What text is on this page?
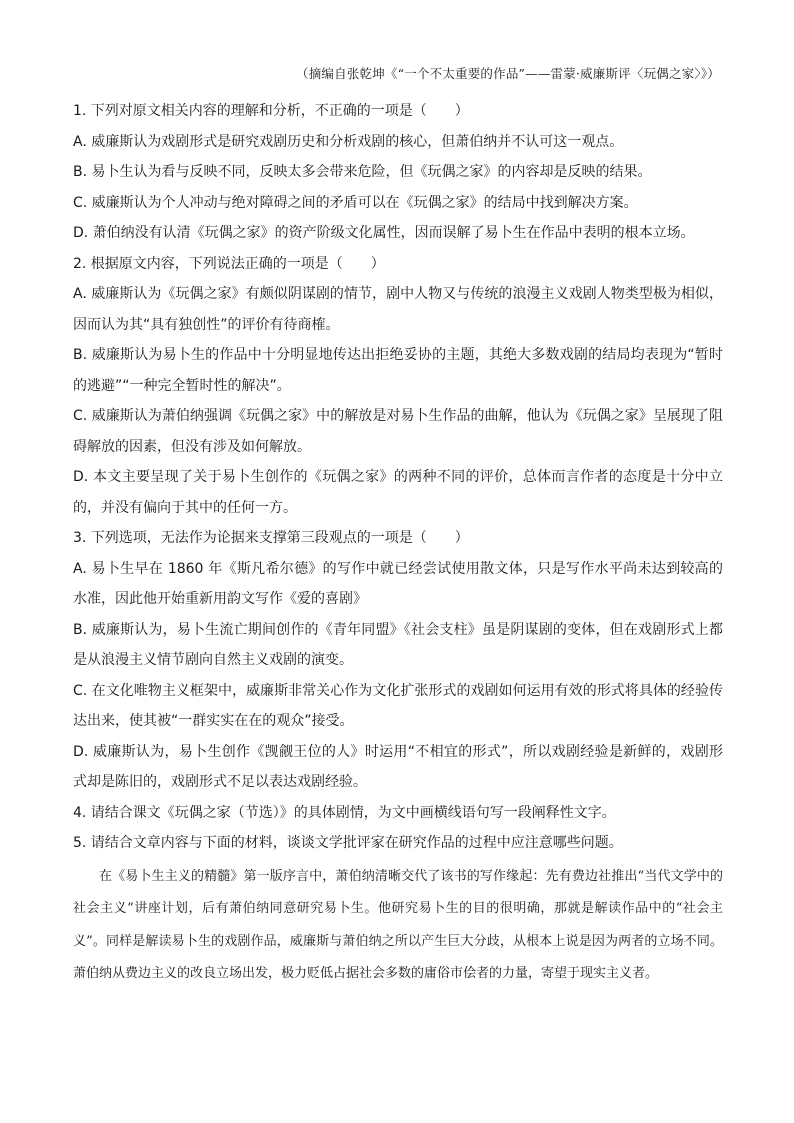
（摘编自张乾坤《“一个不太重要的作品”——雷蒙·威廉斯评〈玩偶之家〉》）
1. 下列对原文相关内容的理解和分析，不正确的一项是（　　）
A. 威廉斯认为戏剧形式是研究戏剧历史和分析戏剧的核心，但萧伯纳并不认可这一观点。
B. 易卜生认为看与反映不同，反映太多会带来危险，但《玩偶之家》的内容却是反映的结果。
C. 威廉斯认为个人冲动与绝对障碍之间的矛盾可以在《玩偶之家》的结局中找到解决方案。
D. 萧伯纳没有认清《玩偶之家》的资产阶级文化属性，因而误解了易卜生在作品中表明的根本立场。
2. 根据原文内容，下列说法正确的一项是（　　）
A. 威廉斯认为《玩偶之家》有颇似阴谋剧的情节，剧中人物又与传统的浪漫主义戏剧人物类型极为相似，因而认为其“具有独创性”的评价有待商榷。
B. 威廉斯认为易卜生的作品中十分明显地传达出拒绝妥协的主题，其绝大多数戏剧的结局均表现为“暂时的逃避”“一种完全暂时性的解决”。
C. 威廉斯认为萧伯纳强调《玩偶之家》中的解放是对易卜生作品的曲解，他认为《玩偶之家》呈展现了阻碍解放的因素，但没有涉及如何解放。
D. 本文主要呈现了关于易卜生创作的《玩偶之家》的两种不同的评价，总体而言作者的态度是十分中立的，并没有偏向于其中的任何一方。
3. 下列选项，无法作为论据来支撑第三段观点的一项是（　　）
A. 易卜生早在 1860 年《斯凡希尔德》的写作中就已经尝试使用散文体，只是写作水平尚未达到较高的水准，因此他开始重新用韵文写作《爱的喜剧》
B. 威廉斯认为，易卜生流亡期间创作的《青年同盟》《社会支柱》虽是阴谋剧的变体，但在戏剧形式上都是从浪漫主义情节剧向自然主义戏剧的演变。
C. 在文化唯物主义框架中，威廉斯非常关心作为文化扩张形式的戏剧如何运用有效的形式将具体的经验传达出来，使其被“一群实实在在的观众”接受。
D. 威廉斯认为，易卜生创作《觊觎王位的人》时运用“不相宜的形式”，所以戏剧经验是新鲜的，戏剧形式却是陈旧的，戏剧形式不足以表达戏剧经验。
4. 请结合课文《玩偶之家（节选）》的具体剧情，为文中画横线语句写一段阐释性文字。
5. 请结合文章内容与下面的材料，谈谈文学批评家在研究作品的过程中应注意哪些问题。
在《易卜生主义的精髓》第一版序言中，萧伯纳清晰交代了该书的写作缘起：先有费边社推出“当代文学中的社会主义”讲座计划，后有萧伯纳同意研究易卜生。他研究易卜生的目的很明确，那就是解读作品中的“社会主义”。同样是解读易卜生的戏剧作品，威廉斯与萧伯纳之所以产生巨大分歧，从根本上说是因为两者的立场不同。萧伯纳从费边主义的改良立场出发，极力贬低占据社会多数的庸俗市侩者的力量，寄望于现实主义者。
